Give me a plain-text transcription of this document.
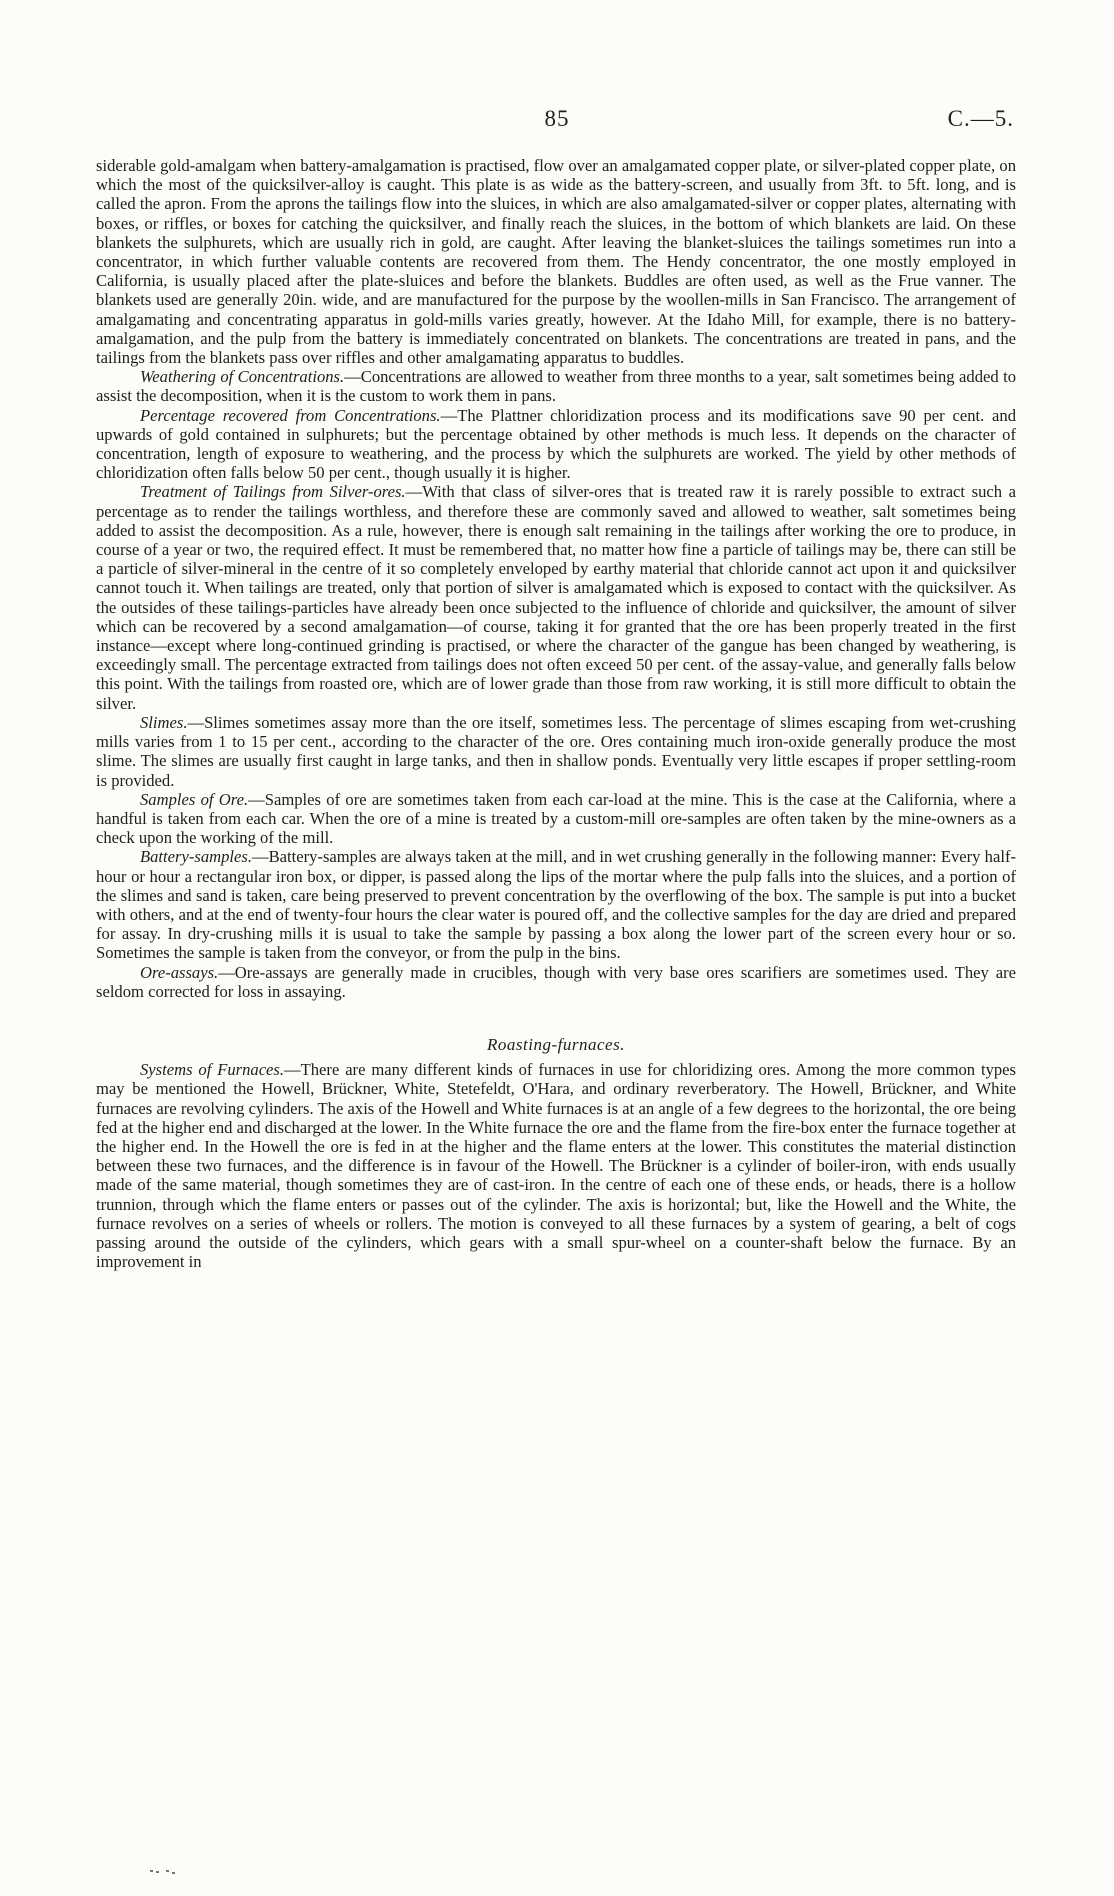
85	C.—5.

siderable gold-amalgam when battery-amalgamation is practised, flow over an amalgamated copper plate, or silver-plated copper plate, on which the most of the quicksilver-alloy is caught. This plate is as wide as the battery-screen, and usually from 3ft. to 5ft. long, and is called the apron. From the aprons the tailings flow into the sluices, in which are also amalgamated-silver or copper plates, alternating with boxes, or riffles, or boxes for catching the quicksilver, and finally reach the sluices, in the bottom of which blankets are laid. On these blankets the sulphurets, which are usually rich in gold, are caught. After leaving the blanket-sluices the tailings sometimes run into a concentrator, in which further valuable contents are recovered from them. The Hendy concentrator, the one mostly employed in California, is usually placed after the plate-sluices and before the blankets. Buddles are often used, as well as the Frue vanner. The blankets used are generally 20in. wide, and are manufactured for the purpose by the woollen-mills in San Francisco. The arrangement of amalgamating and concentrating apparatus in gold-mills varies greatly, however. At the Idaho Mill, for example, there is no battery-amalgamation, and the pulp from the battery is immediately concentrated on blankets. The concentrations are treated in pans, and the tailings from the blankets pass over riffles and other amalgamating apparatus to buddles.

Weathering of Concentrations.—Concentrations are allowed to weather from three months to a year, salt sometimes being added to assist the decomposition, when it is the custom to work them in pans.

Percentage recovered from Concentrations.—The Plattner chloridization process and its modifications save 90 per cent. and upwards of gold contained in sulphurets; but the percentage obtained by other methods is much less. It depends on the character of concentration, length of exposure to weathering, and the process by which the sulphurets are worked. The yield by other methods of chloridization often falls below 50 per cent., though usually it is higher.

Treatment of Tailings from Silver-ores.—With that class of silver-ores that is treated raw it is rarely possible to extract such a percentage as to render the tailings worthless, and therefore these are commonly saved and allowed to weather, salt sometimes being added to assist the decomposition. As a rule, however, there is enough salt remaining in the tailings after working the ore to produce, in course of a year or two, the required effect. It must be remembered that, no matter how fine a particle of tailings may be, there can still be a particle of silver-mineral in the centre of it so completely enveloped by earthy material that chloride cannot act upon it and quicksilver cannot touch it. When tailings are treated, only that portion of silver is amalgamated which is exposed to contact with the quicksilver. As the outsides of these tailings-particles have already been once subjected to the influence of chloride and quicksilver, the amount of silver which can be recovered by a second amalgamation—of course, taking it for granted that the ore has been properly treated in the first instance—except where long-continued grinding is practised, or where the character of the gangue has been changed by weathering, is exceedingly small. The percentage extracted from tailings does not often exceed 50 per cent. of the assay-value, and generally falls below this point. With the tailings from roasted ore, which are of lower grade than those from raw working, it is still more difficult to obtain the silver.

Slimes.—Slimes sometimes assay more than the ore itself, sometimes less. The percentage of slimes escaping from wet-crushing mills varies from 1 to 15 per cent., according to the character of the ore. Ores containing much iron-oxide generally produce the most slime. The slimes are usually first caught in large tanks, and then in shallow ponds. Eventually very little escapes if proper settling-room is provided.

Samples of Ore.—Samples of ore are sometimes taken from each car-load at the mine. This is the case at the California, where a handful is taken from each car. When the ore of a mine is treated by a custom-mill ore-samples are often taken by the mine-owners as a check upon the working of the mill.

Battery-samples.—Battery-samples are always taken at the mill, and in wet crushing generally in the following manner: Every half-hour or hour a rectangular iron box, or dipper, is passed along the lips of the mortar where the pulp falls into the sluices, and a portion of the slimes and sand is taken, care being preserved to prevent concentration by the overflowing of the box. The sample is put into a bucket with others, and at the end of twenty-four hours the clear water is poured off, and the collective samples for the day are dried and prepared for assay. In dry-crushing mills it is usual to take the sample by passing a box along the lower part of the screen every hour or so. Sometimes the sample is taken from the conveyor, or from the pulp in the bins.

Ore-assays.—Ore-assays are generally made in crucibles, though with very base ores scarifiers are sometimes used. They are seldom corrected for loss in assaying.

Roasting-furnaces.

Systems of Furnaces.—There are many different kinds of furnaces in use for chloridizing ores. Among the more common types may be mentioned the Howell, Brückner, White, Stetefeldt, O'Hara, and ordinary reverberatory. The Howell, Brückner, and White furnaces are revolving cylinders. The axis of the Howell and White furnaces is at an angle of a few degrees to the horizontal, the ore being fed at the higher end and discharged at the lower. In the White furnace the ore and the flame from the fire-box enter the furnace together at the higher end. In the Howell the ore is fed in at the higher and the flame enters at the lower. This constitutes the material distinction between these two furnaces, and the difference is in favour of the Howell. The Brückner is a cylinder of boiler-iron, with ends usually made of the same material, though sometimes they are of cast-iron. In the centre of each one of these ends, or heads, there is a hollow trunnion, through which the flame enters or passes out of the cylinder. The axis is horizontal; but, like the Howell and the White, the furnace revolves on a series of wheels or rollers. The motion is conveyed to all these furnaces by a system of gearing, a belt of cogs passing around the outside of the cylinders, which gears with a small spur-wheel on a counter-shaft below the furnace. By an improvement in
